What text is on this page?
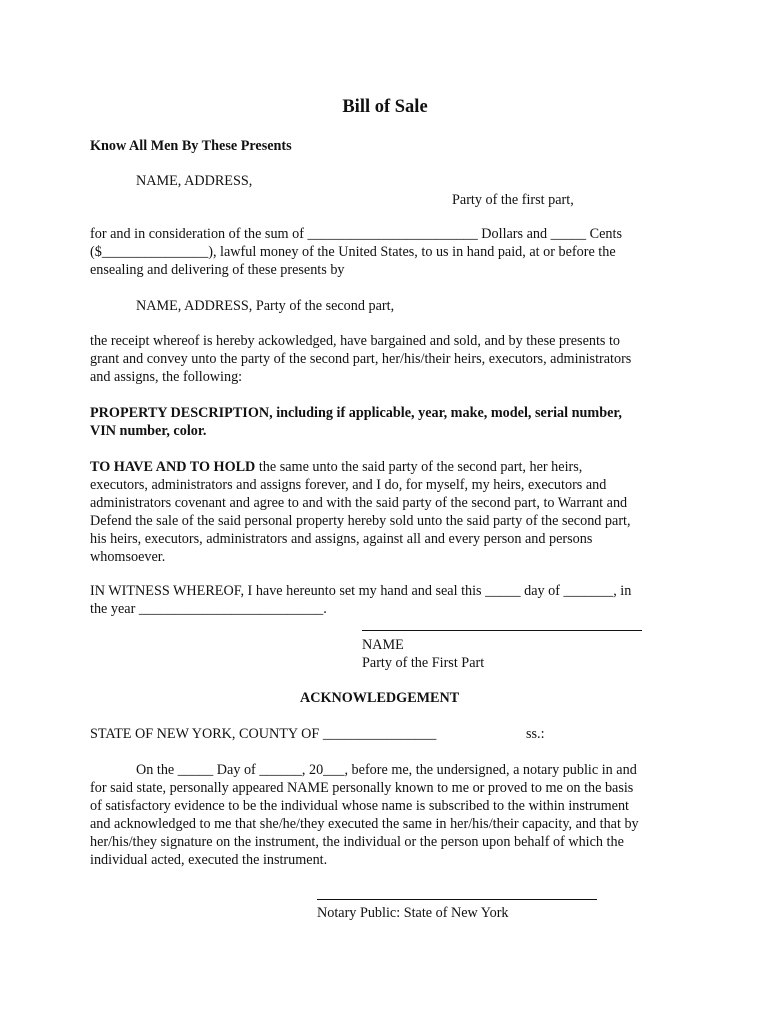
Bill of Sale
Know All Men By These Presents
NAME, ADDRESS,
Party of the first part,
for and in consideration of the sum of ________________________ Dollars and _____ Cents
($_______________), lawful money of the United States, to us in hand paid, at or before the
ensealing and delivering of these presents by
NAME, ADDRESS, Party of the second part,
the receipt whereof is hereby ackowledged, have bargained and sold, and by these presents to
grant and convey unto the party of the second part, her/his/their heirs, executors, administrators
and assigns, the following:
PROPERTY DESCRIPTION, including if applicable, year, make, model, serial number,
VIN number, color.
TO HAVE AND TO HOLD the same unto the said party of the second part, her heirs,
executors, administrators and assigns forever, and I do, for myself, my heirs, executors and
administrators covenant and agree to and with the said party of the second part, to Warrant and
Defend the sale of the said personal property hereby sold unto the said party of the second part,
his heirs, executors, administrators and assigns, against all and every person and persons
whomsoever.
IN WITNESS WHEREOF, I have hereunto set my hand and seal this _____ day of _______, in
the year __________________________.
NAME
Party of the First Part
ACKNOWLEDGEMENT
STATE OF NEW YORK, COUNTY OF ________________	ss.:
On the _____ Day of ______, 20___, before me, the undersigned, a notary public in and
for said state, personally appeared NAME personally known to me or proved to me on the basis
of satisfactory evidence to be the individual whose name is subscribed to the within instrument
and acknowledged to me that she/he/they executed the same in her/his/their capacity, and that by
her/his/they signature on the instrument, the individual or the person upon behalf of which the
individual acted, executed the instrument.
Notary Public: State of New York
